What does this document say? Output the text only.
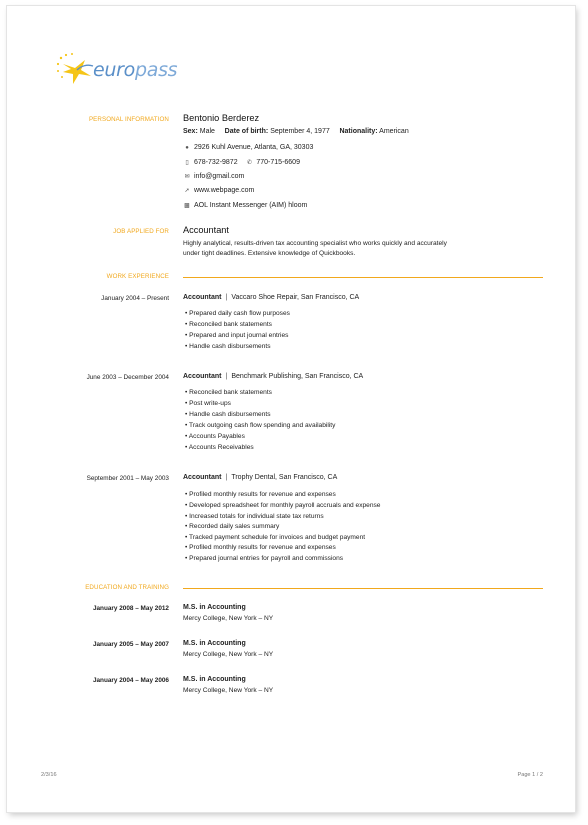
europass
PERSONAL INFORMATION Bentonio Berderez
Sex: Male Date of birth: September 4, 1977 Nationality: American
● 2926 Kuhl Avenue, Atlanta, GA, 30303
▯ 678-732-9872 ✆ 770-715-6609
✉ info@gmail.com
➚ www.webpage.com
▩ AOL Instant Messenger (AIM) hloom
JOB APPLIED FOR Accountant
Highly analytical, results-driven tax accounting specialist who works quickly and accurately
under tight deadlines. Extensive knowledge of Quickbooks.
WORK EXPERIENCE
January 2004 – Present Accountant | Vaccaro Shoe Repair, San Francisco, CA
• Prepared daily cash flow purposes
• Reconciled bank statements
• Prepared and input journal entries
• Handle cash disbursements
June 2003 – December 2004 Accountant | Benchmark Publishing, San Francisco, CA
• Reconciled bank statements
• Post write-ups
• Handle cash disbursements
• Track outgoing cash flow spending and availability
• Accounts Payables
• Accounts Receivables
September 2001 – May 2003 Accountant | Trophy Dental, San Francisco, CA
• Profiled monthly results for revenue and expenses
• Developed spreadsheet for monthly payroll accruals and expense
• Increased totals for individual state tax returns
• Recorded daily sales summary
• Tracked payment schedule for invoices and budget payment
• Profiled monthly results for revenue and expenses
• Prepared journal entries for payroll and commissions
EDUCATION AND TRAINING
January 2008 – May 2012 M.S. in Accounting
Mercy College, New York – NY
January 2005 – May 2007 M.S. in Accounting
Mercy College, New York – NY
January 2004 – May 2006 M.S. in Accounting
Mercy College, New York – NY
2/3/16	Page 1 / 2
